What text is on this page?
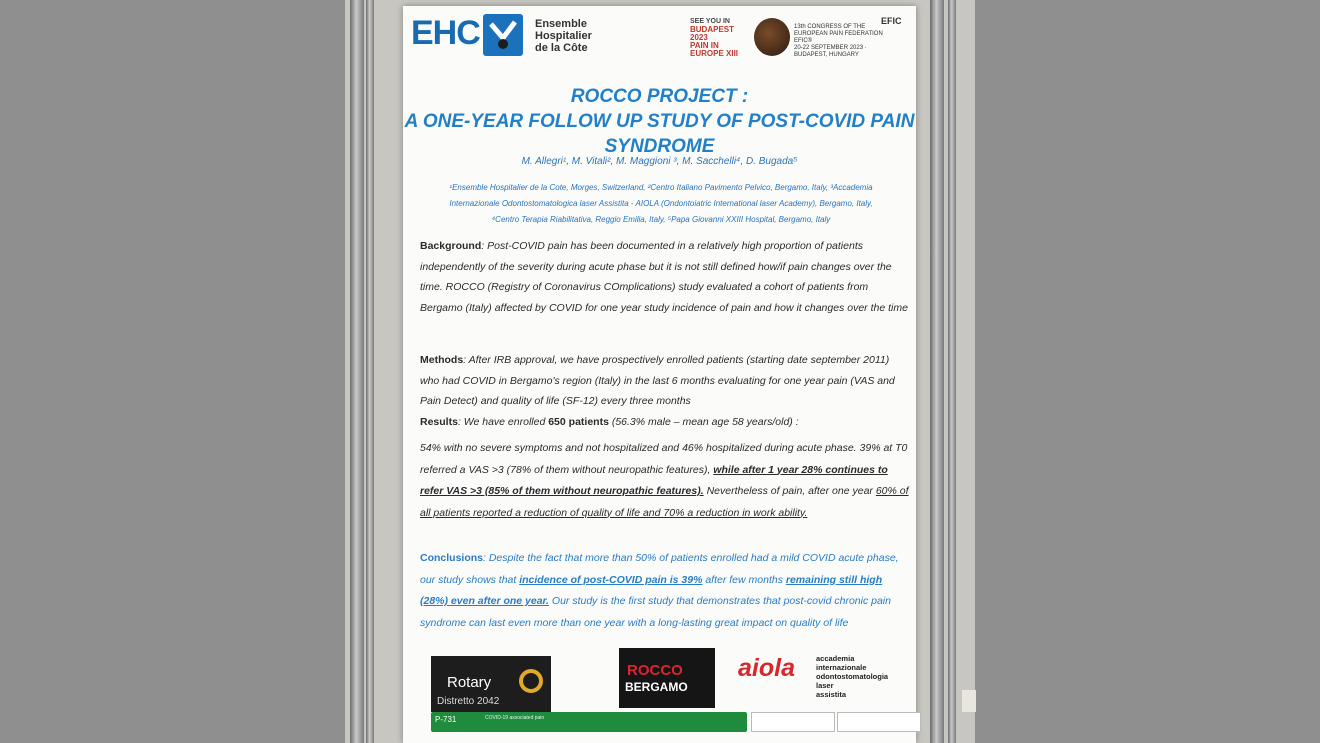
EHC	Ensemble
Hospitalier
de la Côte
SEE YOU IN
BUDAPEST 2023
PAIN IN EUROPE XIII
13th CONGRESS OF THE
EUROPEAN PAIN FEDERATION EFIC®
20-22 SEPTEMBER 2023 · BUDAPEST, HUNGARY
EFIC
ROCCO PROJECT :
A ONE-YEAR FOLLOW UP STUDY OF POST-COVID PAIN
SYNDROME
M. Allegri¹, M. Vitali², M. Maggioni ³, M. Sacchelli⁴, D. Bugada⁵
¹Ensemble Hospitalier de la Cote, Morges, Switzerland, ²Centro Italiano Pavimento Pelvico, Bergamo, Italy, ³Accademia
Internazionale Odontostomatologica laser Assistita - AIOLA (Ondontoiatric International laser Academy), Bergamo, Italy,
⁴Centro Terapia Riabilitativa, Reggio Emilia, Italy, ⁵Papa Giovanni XXIII Hospital, Bergamo, Italy
Background: Post-COVID pain has been documented in a relatively high proportion of patients independently of the severity during acute phase but it is not still defined how/if pain changes over the time. ROCCO (Registry of Coronavirus COmplications) study evaluated a cohort of patients from Bergamo (Italy) affected by COVID for one year study incidence of pain and how it changes over the time
Methods: After IRB approval, we have prospectively enrolled patients (starting date september 2011) who had COVID in Bergamo's region (Italy) in the last 6 months evaluating for one year pain (VAS and Pain Detect) and quality of life (SF-12) every three months
Results: We have enrolled 650 patients (56.3% male – mean age 58 years/old) :
54% with no severe symptoms and not hospitalized and 46% hospitalized during acute phase. 39% at T0 referred a VAS >3 (78% of them without neuropathic features), while after 1 year 28% continues to refer VAS >3 (85% of them without neuropathic features). Nevertheless of pain, after one year 60% of all patients reported a reduction of quality of life and 70% a reduction in work ability.
Conclusions: Despite the fact that more than 50% of patients enrolled had a mild COVID acute phase, our study shows that incidence of post-COVID pain is 39% after few months remaining still high (28%) even after one year. Our study is the first study that demonstrates that post-covid chronic pain syndrome can last even more than one year with a long-lasting great impact on quality of life
Rotary
Distretto 2042
ROCCO
BERGAMO
aiola	accademia
internazionale
odontostomatologia
laser
assistita
P-731	COVID-19 associated pain
